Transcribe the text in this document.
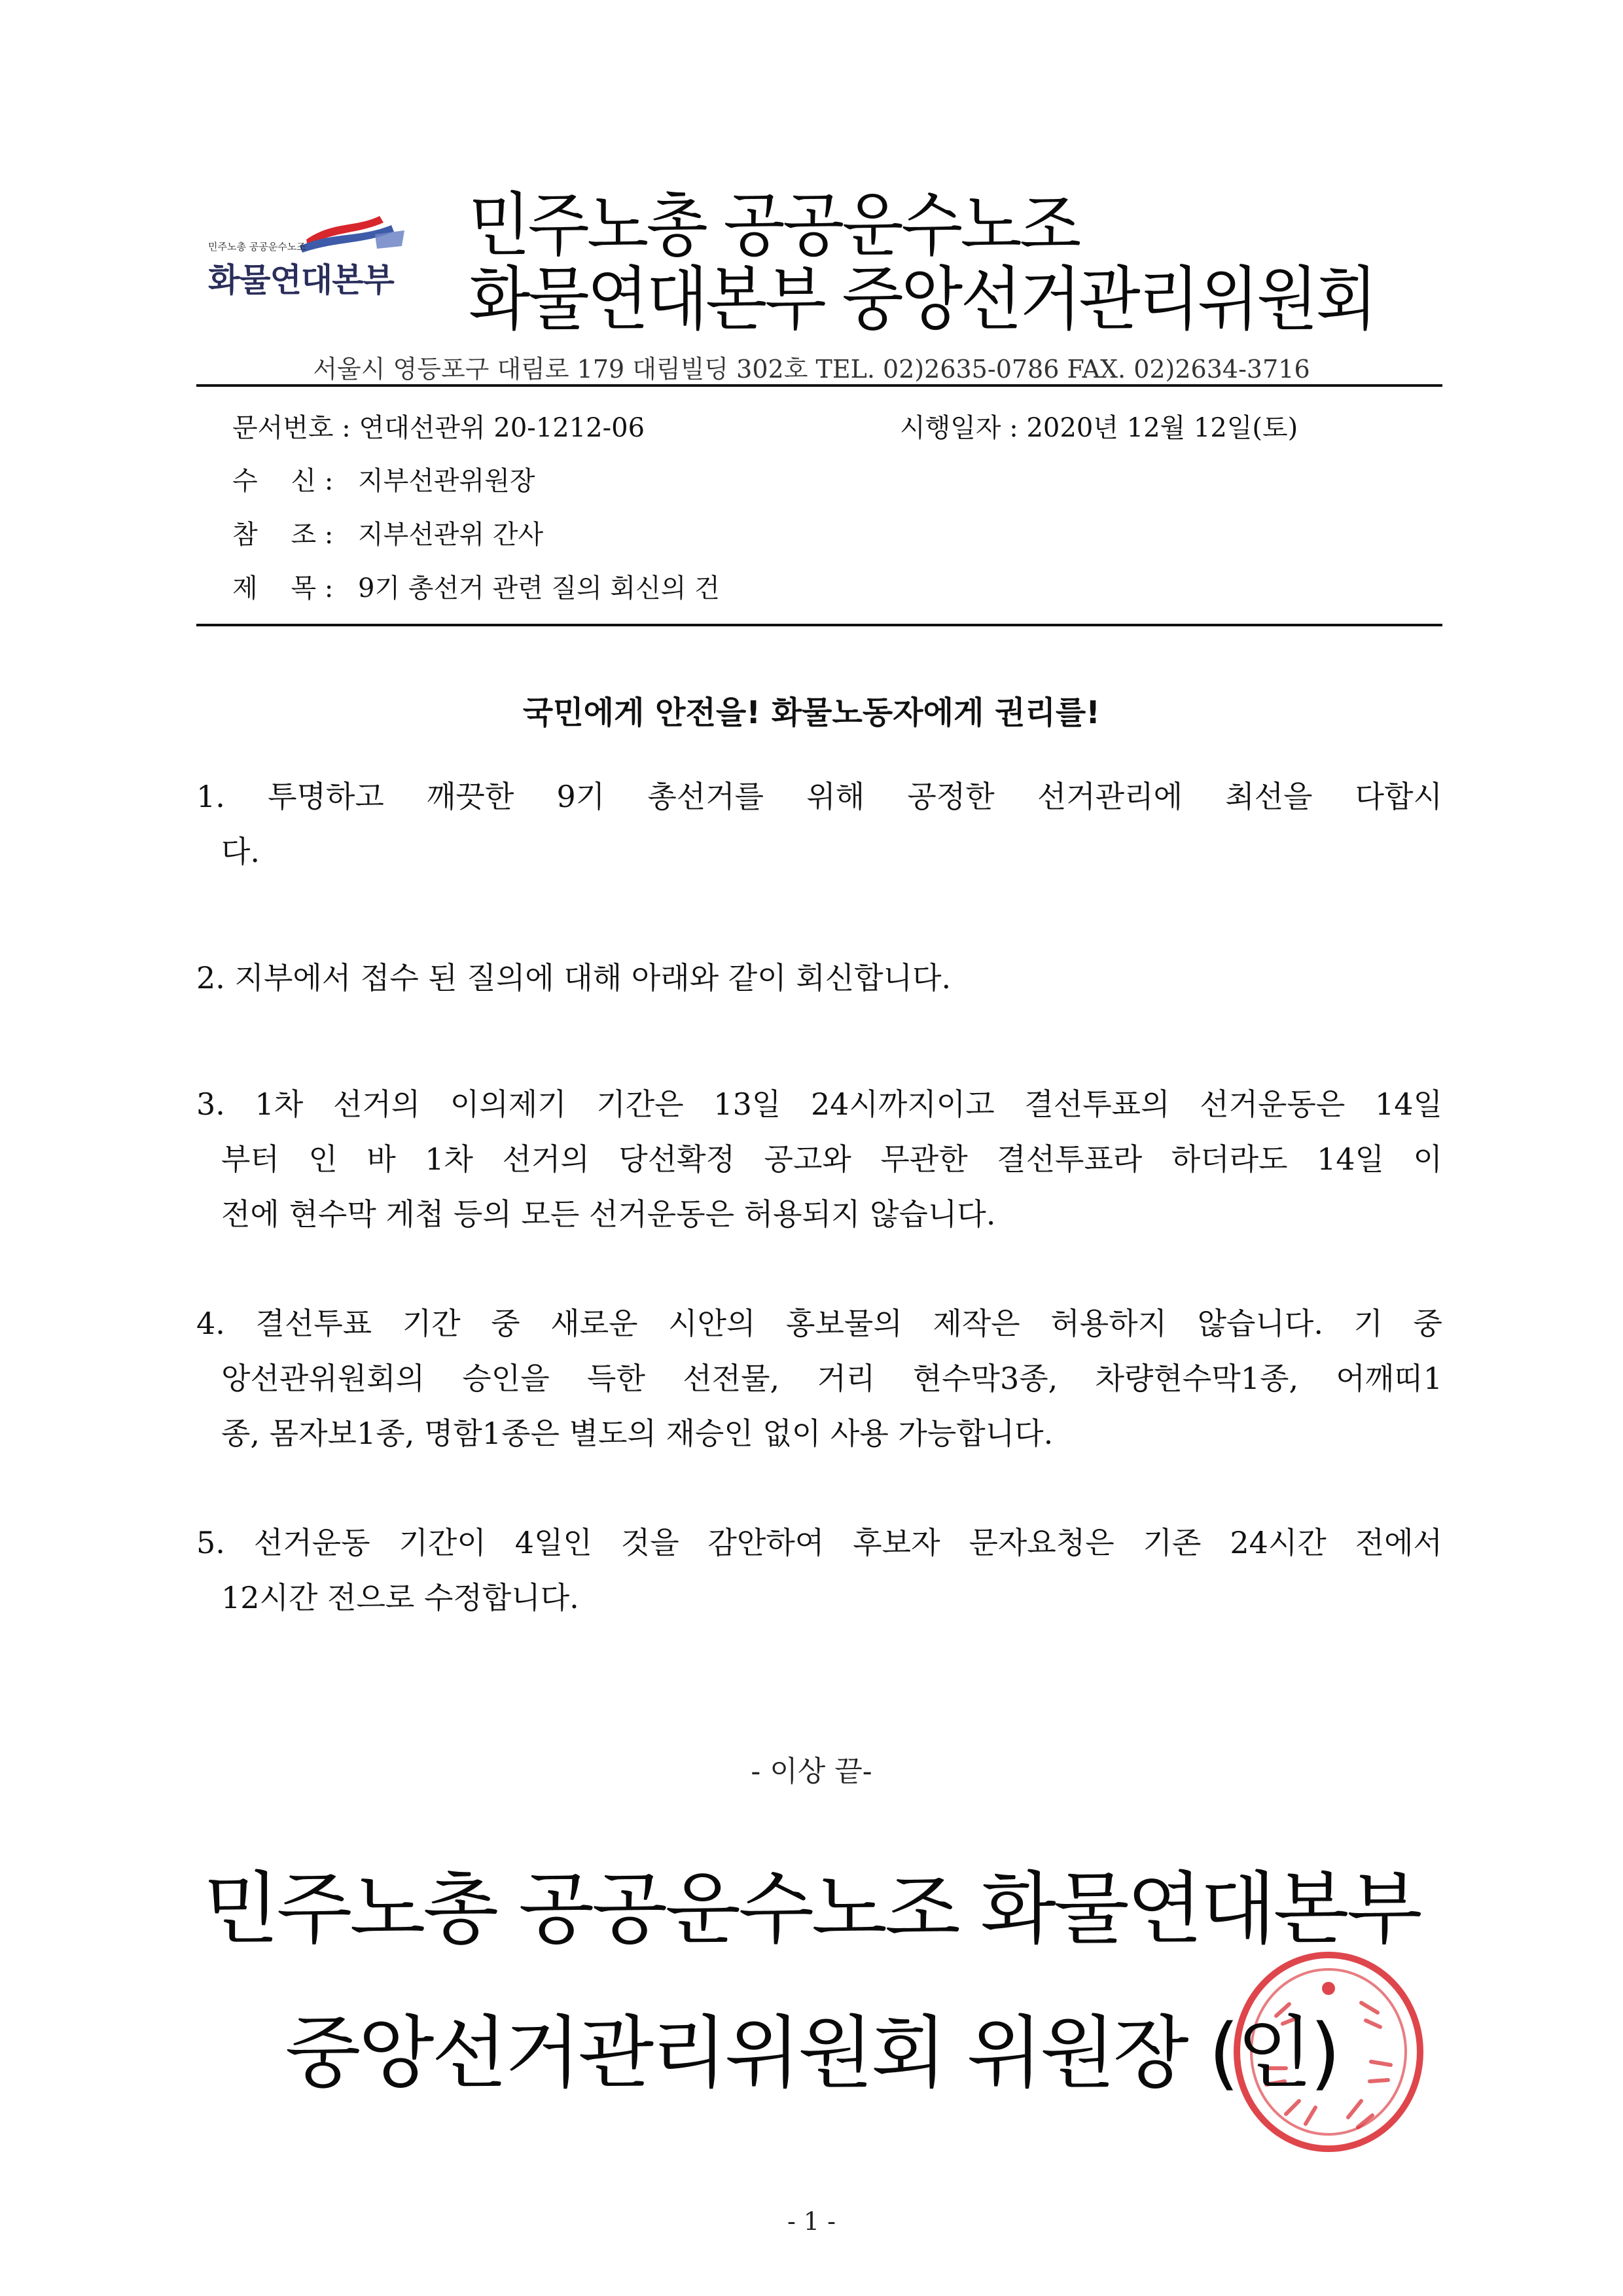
민주노총 공공운수노조
화물연대본부
민주노총 공공운수노조
화물연대본부 중앙선거관리위원회
서울시 영등포구 대림로 179 대림빌딩 302호 TEL. 02)2635-0786 FAX. 02)2634-3716
문서번호 : 연대선관위 20-1212-06	시행일자 : 2020년 12월 12일(토)
수    신 : 지부선관위원장
참    조 : 지부선관위 간사
제    목 : 9기 총선거 관련 질의 회신의 건
국민에게 안전을! 화물노동자에게 권리를!
1. 투명하고 깨끗한 9기 총선거를 위해 공정한 선거관리에 최선을 다합시
다.
2. 지부에서 접수 된 질의에 대해 아래와 같이 회신합니다.
3. 1차 선거의 이의제기 기간은 13일 24시까지이고 결선투표의 선거운동은 14일
부터 인 바 1차 선거의 당선확정 공고와 무관한 결선투표라 하더라도 14일 이
전에 현수막 게첩 등의 모든 선거운동은 허용되지 않습니다.
4. 결선투표 기간 중 새로운 시안의 홍보물의 제작은 허용하지 않습니다. 기 중
앙선관위원회의 승인을 득한 선전물, 거리 현수막3종, 차량현수막1종, 어깨띠1
종, 몸자보1종, 명함1종은 별도의 재승인 없이 사용 가능합니다.
5. 선거운동 기간이 4일인 것을 감안하여 후보자 문자요청은 기존 24시간 전에서
12시간 전으로 수정합니다.
- 이상 끝-
민주노총 공공운수노조 화물연대본부
중앙선거관리위원회 위원장 (인)
- 1 -
